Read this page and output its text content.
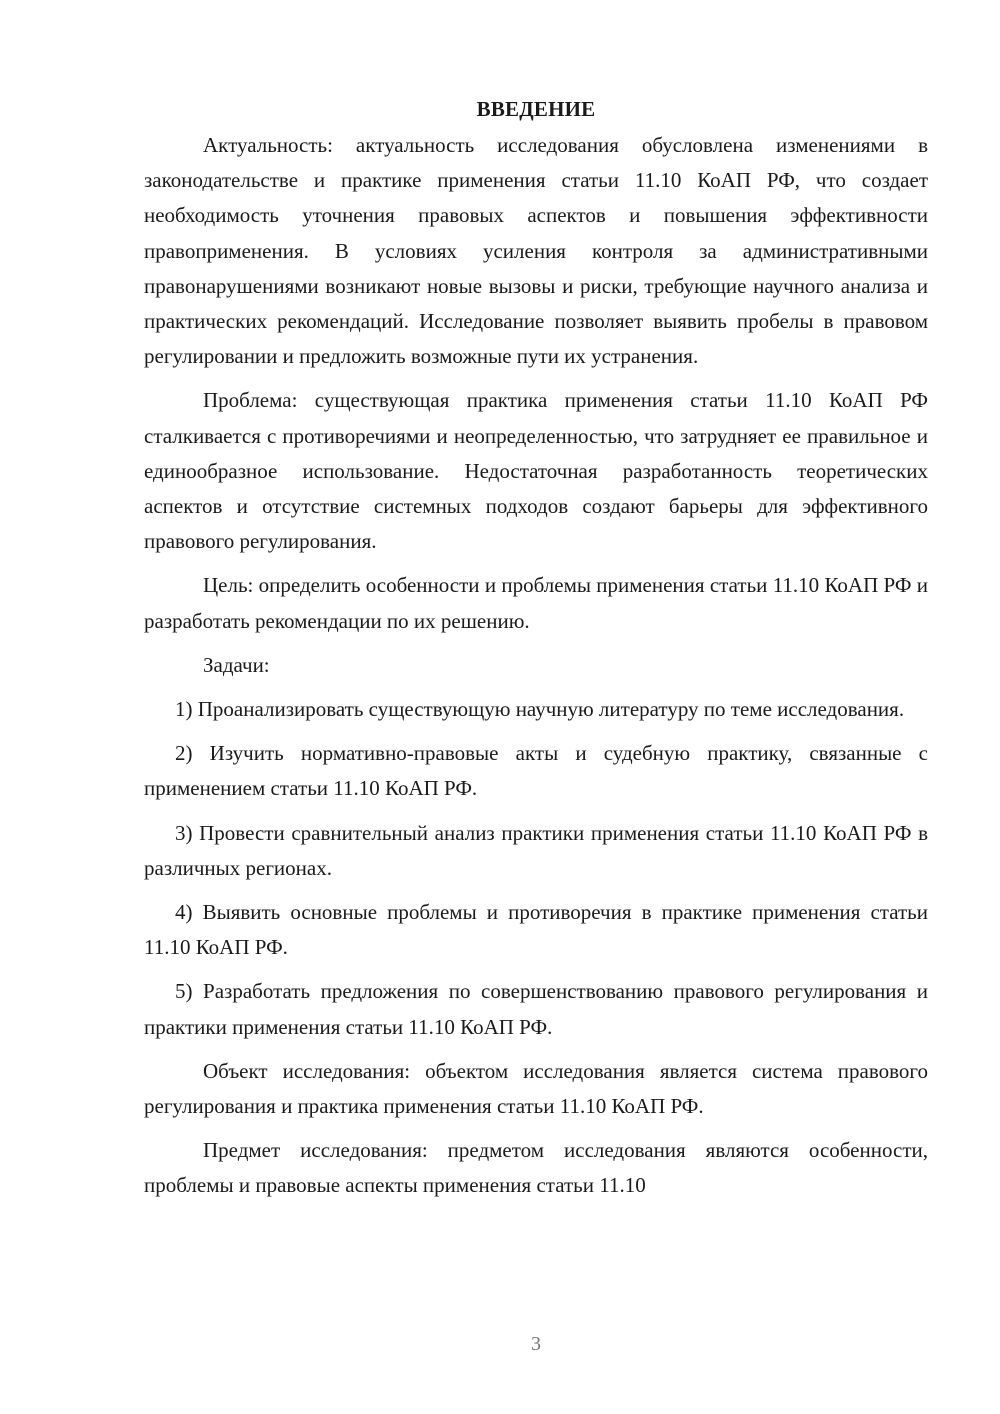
ВВЕДЕНИЕ

Актуальность: актуальность исследования обусловлена изменениями в законодательстве и практике применения статьи 11.10 КоАП РФ, что создает необходимость уточнения правовых аспектов и повышения эффективности правоприменения. В условиях усиления контроля за административными правонарушениями возникают новые вызовы и риски, требующие научного анализа и практических рекомендаций. Исследование позволяет выявить пробелы в правовом регулировании и предложить возможные пути их устранения.

Проблема: существующая практика применения статьи 11.10 КоАП РФ сталкивается с противоречиями и неопределенностью, что затрудняет ее правильное и единообразное использование. Недостаточная разработанность теоретических аспектов и отсутствие системных подходов создают барьеры для эффективного правового регулирования.

Цель: определить особенности и проблемы применения статьи 11.10 КоАП РФ и разработать рекомендации по их решению.

Задачи:

1) Проанализировать существующую научную литературу по теме исследования.

2) Изучить нормативно-правовые акты и судебную практику, связанные с применением статьи 11.10 КоАП РФ.

3) Провести сравнительный анализ практики применения статьи 11.10 КоАП РФ в различных регионах.

4) Выявить основные проблемы и противоречия в практике применения статьи 11.10 КоАП РФ.

5) Разработать предложения по совершенствованию правового регулирования и практики применения статьи 11.10 КоАП РФ.

Объект исследования: объектом исследования является система правового регулирования и практика применения статьи 11.10 КоАП РФ.

Предмет исследования: предметом исследования являются особенности, проблемы и правовые аспекты применения статьи 11.10

3
